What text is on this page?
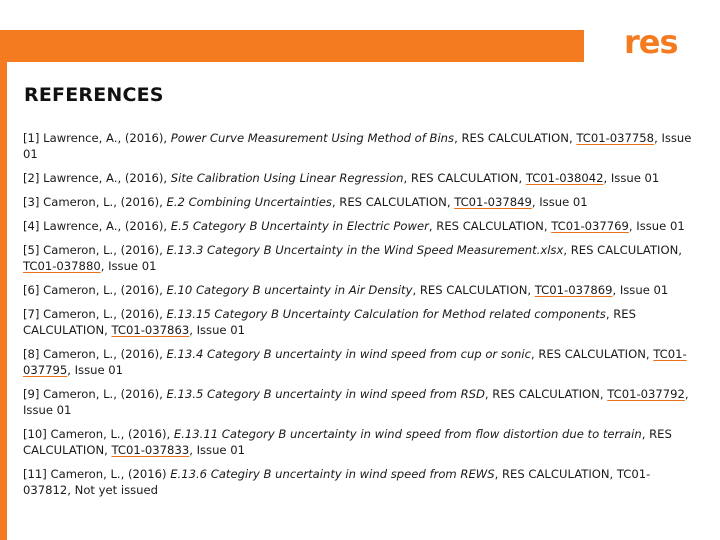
res
REFERENCES
[1] Lawrence, A., (2016), Power Curve Measurement Using Method of Bins, RES CALCULATION, TC01-037758, Issue 01
[2] Lawrence, A., (2016), Site Calibration Using Linear Regression, RES CALCULATION, TC01-038042, Issue 01
[3] Cameron, L., (2016), E.2 Combining Uncertainties, RES CALCULATION, TC01-037849, Issue 01
[4] Lawrence, A., (2016), E.5 Category B Uncertainty in Electric Power, RES CALCULATION, TC01-037769, Issue 01
[5] Cameron, L., (2016), E.13.3 Category B Uncertainty in the Wind Speed Measurement.xlsx, RES CALCULATION, TC01-037880, Issue 01
[6] Cameron, L., (2016), E.10 Category B uncertainty in Air Density, RES CALCULATION, TC01-037869, Issue 01
[7] Cameron, L., (2016), E.13.15 Category B Uncertainty Calculation for Method related components, RES CALCULATION, TC01-037863, Issue 01
[8] Cameron, L., (2016), E.13.4 Category B uncertainty in wind speed from cup or sonic, RES CALCULATION, TC01-037795, Issue 01
[9] Cameron, L., (2016), E.13.5 Category B uncertainty in wind speed from RSD, RES CALCULATION, TC01-037792, Issue 01
[10] Cameron, L., (2016), E.13.11 Category B uncertainty in wind speed from flow distortion due to terrain, RES CALCULATION, TC01-037833, Issue 01
[11] Cameron, L., (2016) E.13.6 Categiry B uncertainty in wind speed from REWS, RES CALCULATION, TC01-037812, Not yet issued
